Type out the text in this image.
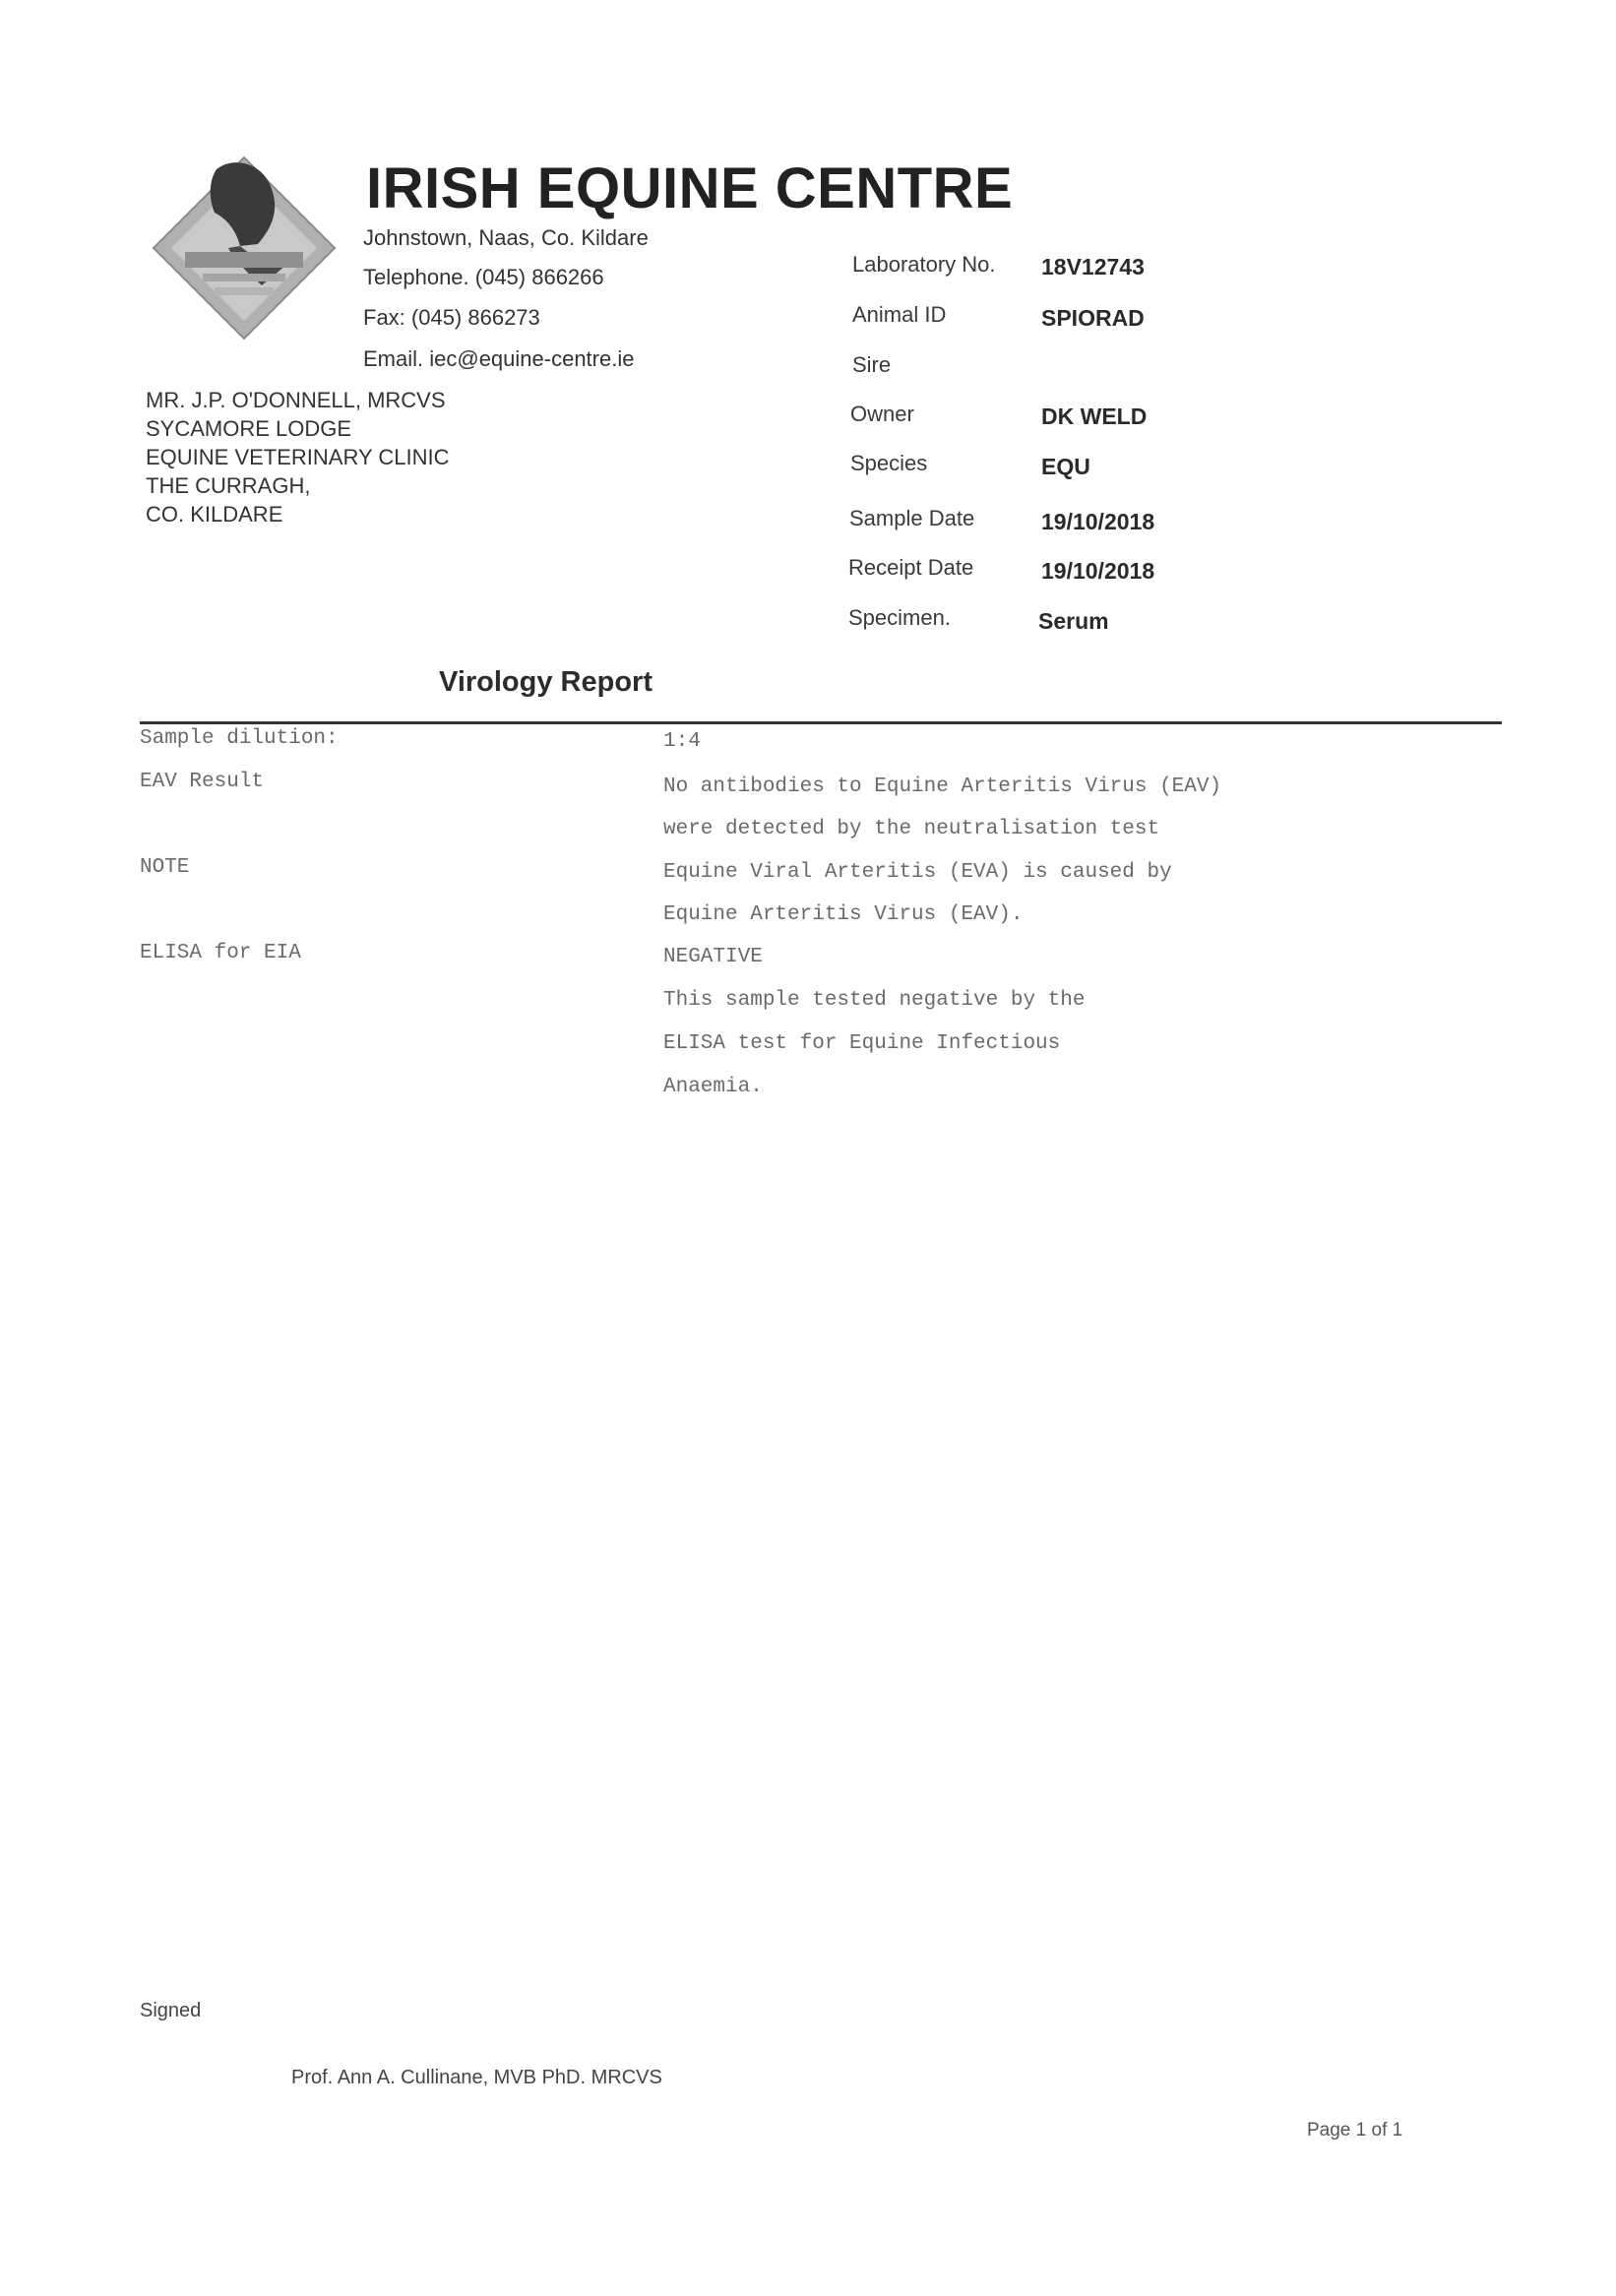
IRISH EQUINE CENTRE
Johnstown, Naas, Co. Kildare
Telephone. (045) 866266
Fax: (045) 866273
Email. iec@equine-centre.ie
MR. J.P. O'DONNELL, MRCVS
SYCAMORE LODGE
EQUINE VETERINARY CLINIC
THE CURRAGH,
CO. KILDARE
Laboratory No. 18V12743
Animal ID	SPIORAD
Sire
Owner	DK WELD
Species	EQU
Sample Date	19/10/2018
Receipt Date	19/10/2018
Specimen.	Serum
Virology Report
Sample dilution:	1:4
EAV Result	No antibodies to Equine Arteritis Virus (EAV)
were detected by the neutralisation test
NOTE	Equine Viral Arteritis (EVA) is caused by
Equine Arteritis Virus (EAV).
ELISA for EIA	NEGATIVE
This sample tested negative by the
ELISA test for Equine Infectious
Anaemia.
Signed
Prof. Ann A. Cullinane, MVB PhD. MRCVS
Page 1 of 1
